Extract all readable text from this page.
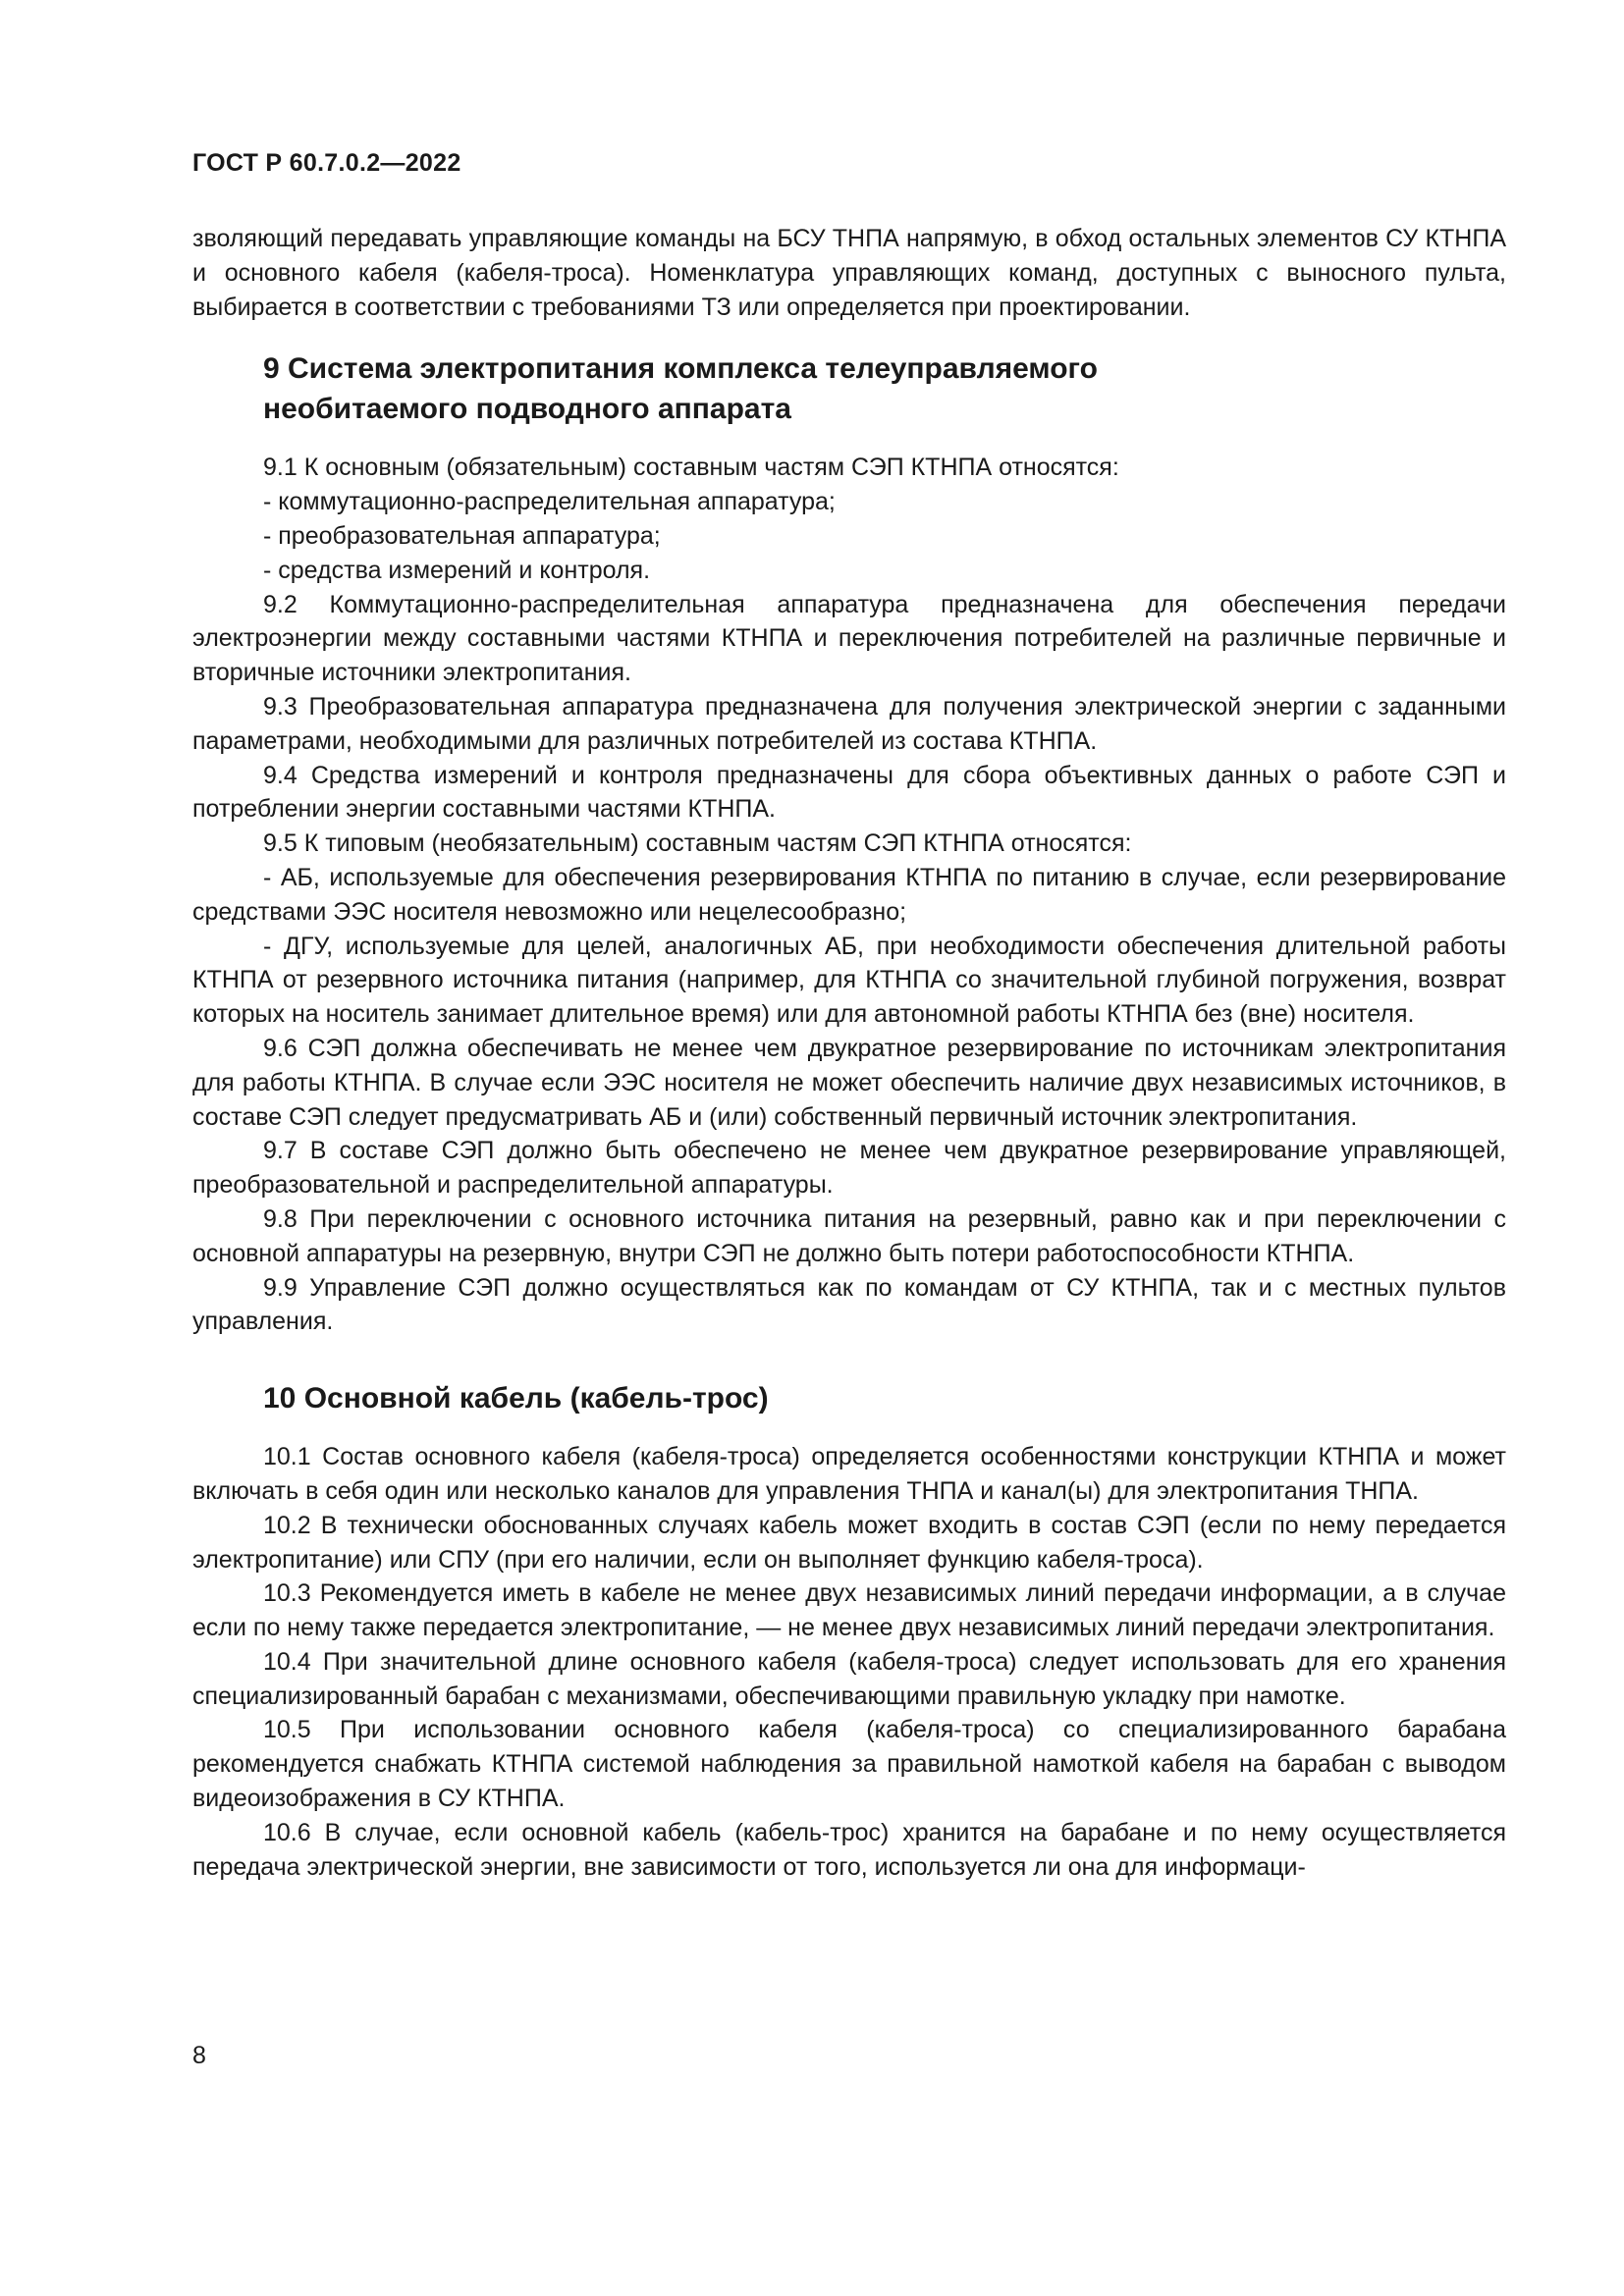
ГОСТ Р 60.7.0.2—2022

зволяющий передавать управляющие команды на БСУ ТНПА напрямую, в обход остальных элементов СУ КТНПА и основного кабеля (кабеля-троса). Номенклатура управляющих команд, доступных с выносного пульта, выбирается в соответствии с требованиями ТЗ или определяется при проектировании.

9 Система электропитания комплекса телеуправляемого
необитаемого подводного аппарата

9.1 К основным (обязательным) составным частям СЭП КТНПА относятся:

- коммутационно-распределительная аппаратура;

- преобразовательная аппаратура;

- средства измерений и контроля.

9.2 Коммутационно-распределительная аппаратура предназначена для обеспечения передачи электроэнергии между составными частями КТНПА и переключения потребителей на различные первичные и вторичные источники электропитания.

9.3 Преобразовательная аппаратура предназначена для получения электрической энергии с заданными параметрами, необходимыми для различных потребителей из состава КТНПА.

9.4 Средства измерений и контроля предназначены для сбора объективных данных о работе СЭП и потреблении энергии составными частями КТНПА.

9.5 К типовым (необязательным) составным частям СЭП КТНПА относятся:

- АБ, используемые для обеспечения резервирования КТНПА по питанию в случае, если резервирование средствами ЭЭС носителя невозможно или нецелесообразно;

- ДГУ, используемые для целей, аналогичных АБ, при необходимости обеспечения длительной работы КТНПА от резервного источника питания (например, для КТНПА со значительной глубиной погружения, возврат которых на носитель занимает длительное время) или для автономной работы КТНПА без (вне) носителя.

9.6 СЭП должна обеспечивать не менее чем двукратное резервирование по источникам электропитания для работы КТНПА. В случае если ЭЭС носителя не может обеспечить наличие двух независимых источников, в составе СЭП следует предусматривать АБ и (или) собственный первичный источник электропитания.

9.7 В составе СЭП должно быть обеспечено не менее чем двукратное резервирование управляющей, преобразовательной и распределительной аппаратуры.

9.8 При переключении с основного источника питания на резервный, равно как и при переключении с основной аппаратуры на резервную, внутри СЭП не должно быть потери работоспособности КТНПА.

9.9 Управление СЭП должно осуществляться как по командам от СУ КТНПА, так и с местных пультов управления.

10 Основной кабель (кабель-трос)

10.1 Состав основного кабеля (кабеля-троса) определяется особенностями конструкции КТНПА и может включать в себя один или несколько каналов для управления ТНПА и канал(ы) для электропитания ТНПА.

10.2 В технически обоснованных случаях кабель может входить в состав СЭП (если по нему передается электропитание) или СПУ (при его наличии, если он выполняет функцию кабеля-троса).

10.3 Рекомендуется иметь в кабеле не менее двух независимых линий передачи информации, а в случае если по нему также передается электропитание, — не менее двух независимых линий передачи электропитания.

10.4 При значительной длине основного кабеля (кабеля-троса) следует использовать для его хранения специализированный барабан с механизмами, обеспечивающими правильную укладку при намотке.

10.5 При использовании основного кабеля (кабеля-троса) со специализированного барабана рекомендуется снабжать КТНПА системой наблюдения за правильной намоткой кабеля на барабан с выводом видеоизображения в СУ КТНПА.

10.6 В случае, если основной кабель (кабель-трос) хранится на барабане и по нему осуществляется передача электрической энергии, вне зависимости от того, используется ли она для информаци-

8
